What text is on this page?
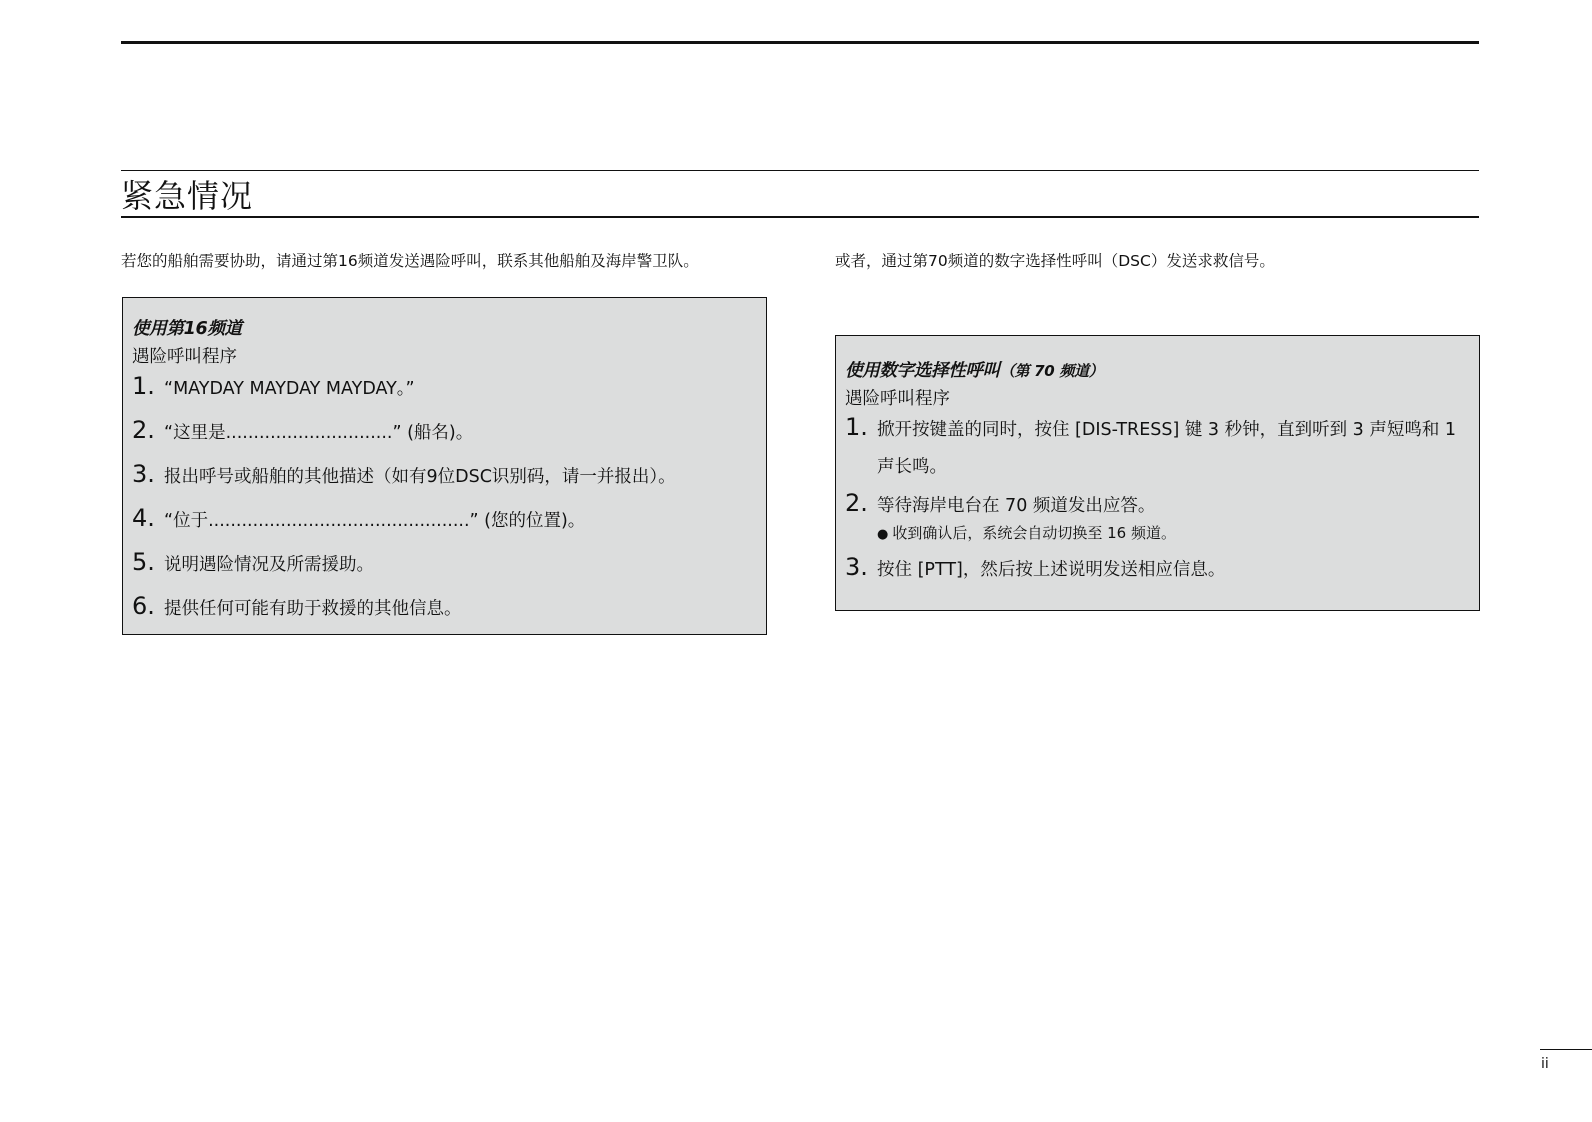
紧急情况

若您的船舶需要协助，请通过第16频道发送遇险呼叫，联系其他船舶及海岸警卫队。	或者，通过第70频道的数字选择性呼叫（DSC）发送求救信号。

使用第16频道
遇险呼叫程序
1. “MAYDAY MAYDAY MAYDAY。”
2. “这里是..............................” (船名)。
3. 报出呼号或船舶的其他描述（如有9位DSC识别码，请一并报出）。
4. “位于...............................................” (您的位置)。
5. 说明遇险情况及所需援助。
6. 提供任何可能有助于救援的其他信息。
使用数字选择性呼叫（第 70 频道）
遇险呼叫程序
1. 掀开按键盖的同时，按住 [DIS-TRESS] 键 3 秒钟，直到听到 3 声短鸣和 1 声长鸣。
2. 等待海岸电台在 70 频道发出应答。
● 收到确认后，系统会自动切换至 16 频道。
3. 按住 [PTT]，然后按上述说明发送相应信息。
ii
